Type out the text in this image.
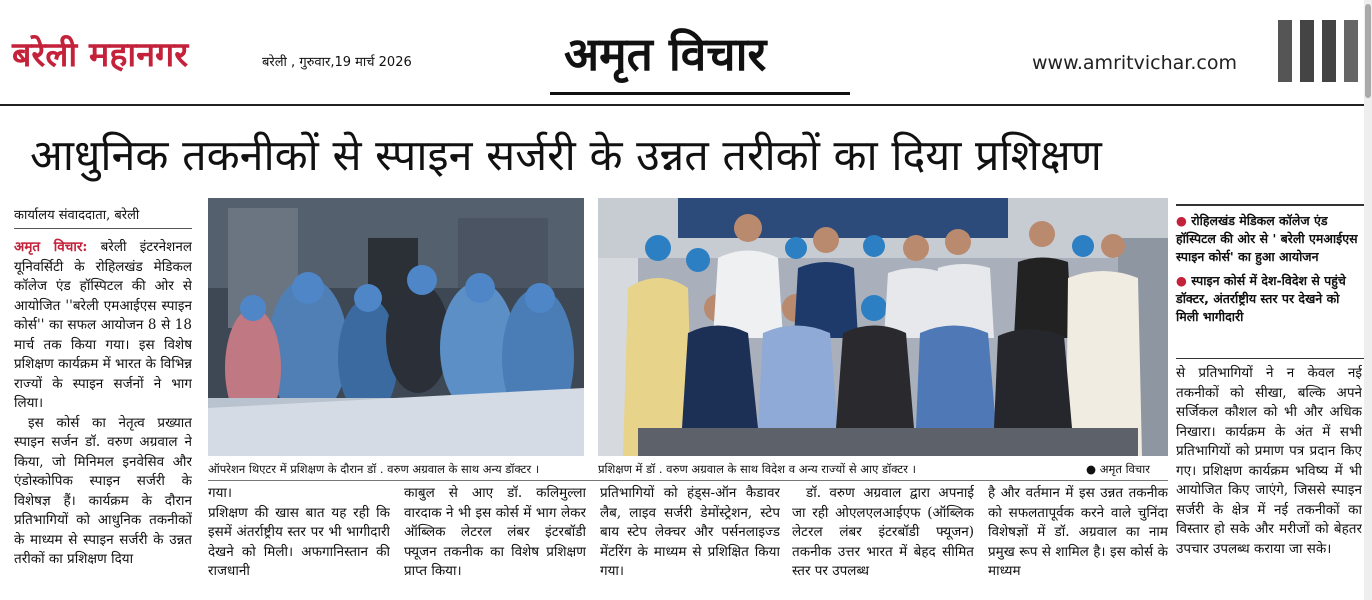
बरेली महानगर	बरेली , गुरुवार,19 मार्च 2026	अमृत विचार	www.amritvichar.com
आधुनिक तकनीकों से स्पाइन सर्जरी के उन्नत तरीकों का दिया प्रशिक्षण
कार्यालय संवाददाता, बरेली

अमृत विचार: बरेली इंटरनेशनल यूनिवर्सिटी के रोहिलखंड मेडिकल कॉलेज एंड हॉस्पिटल की ओर से आयोजित ''बरेली एमआईएस स्पाइन कोर्स'' का सफल आयोजन 8 से 18 मार्च तक किया गया। इस विशेष प्रशिक्षण कार्यक्रम में भारत के विभिन्न राज्यों के स्पाइन सर्जनों ने भाग लिया।

इस कोर्स का नेतृत्व प्रख्यात स्पाइन सर्जन डॉ. वरुण अग्रवाल ने किया, जो मिनिमल इनवेसिव और एंडोस्कोपिक स्पाइन सर्जरी के विशेषज्ञ हैं। कार्यक्रम के दौरान प्रतिभागियों को आधुनिक तकनीकों के माध्यम से स्पाइन सर्जरी के उन्नत तरीकों का प्रशिक्षण दिया

ऑपरेशन थिएटर में प्रशिक्षण के दौरान डॉ . वरुण अग्रवाल के साथ अन्य डॉक्टर ।	प्रशिक्षण में डॉ . वरुण अग्रवाल के साथ विदेश व अन्य राज्यों से आए डॉक्टर ।	● अमृत विचार
गया।
प्रशिक्षण की खास बात यह रही कि इसमें अंतर्राष्ट्रीय स्तर पर भी भागीदारी देखने को मिली। अफगानिस्तान की राजधानी
काबुल से आए डॉ. कलिमुल्ला वारदाक ने भी इस कोर्स में भाग लेकर ऑब्लिक लेटरल लंबर इंटरबॉडी फ्यूजन तकनीक का विशेष प्रशिक्षण प्राप्त किया।
प्रतिभागियों को हंड्स-ऑन कैडावर लैब, लाइव सर्जरी डेमोंस्ट्रेशन, स्टेप बाय स्टेप लेक्चर और पर्सनलाइज्ड मेंटरिंग के माध्यम से प्रशिक्षित किया गया।
डॉ. वरुण अग्रवाल द्वारा अपनाई जा रही ओएलएलआईएफ (ऑब्लिक लेटरल लंबर इंटरबॉडी फ्यूजन) तकनीक उत्तर भारत में बेहद सीमित स्तर पर उपलब्ध
है और वर्तमान में इस उन्नत तकनीक को सफलतापूर्वक करने वाले चुनिंदा विशेषज्ञों में डॉ. अग्रवाल का नाम प्रमुख रूप से शामिल है। इस कोर्स के माध्यम

● रोहिलखंड मेडिकल कॉलेज एंड हॉस्पिटल की ओर से ' बरेली एमआईएस स्पाइन कोर्स' का हुआ आयोजन

● स्पाइन कोर्स में देश-विदेश से पहुंचे डॉक्टर, अंतर्राष्ट्रीय स्तर पर देखने को मिली भागीदारी

से प्रतिभागियों ने न केवल नई तकनीकों को सीखा, बल्कि अपने सर्जिकल कौशल को भी और अधिक निखारा। कार्यक्रम के अंत में सभी प्रतिभागियों को प्रमाण पत्र प्रदान किए गए। प्रशिक्षण कार्यक्रम भविष्य में भी आयोजित किए जाएंगे, जिससे स्पाइन सर्जरी के क्षेत्र में नई तकनीकों का विस्तार हो सके और मरीजों को बेहतर उपचार उपलब्ध कराया जा सके।
